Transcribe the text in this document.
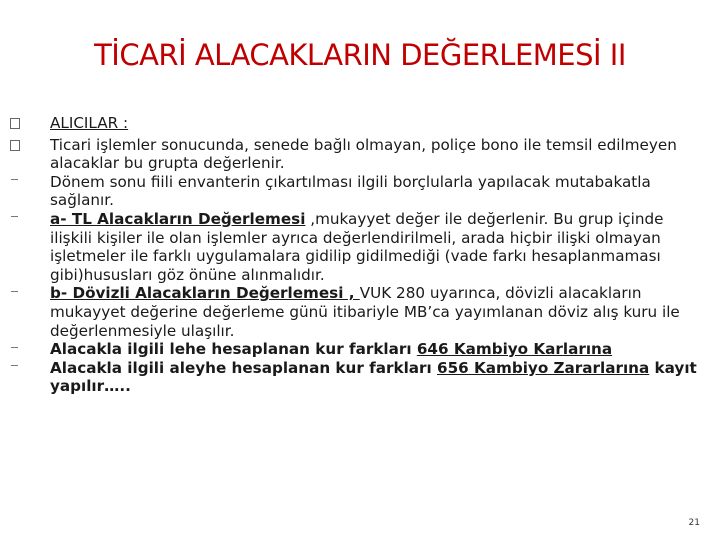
TİCARİ ALACAKLARIN DEĞERLEMESİ II
ALICILAR :
Ticari işlemler sonucunda, senede bağlı olmayan, poliçe bono ile temsil edilmeyen alacaklar bu grupta değerlenir.
Dönem sonu fiili envanterin çıkartılması ilgili borçlularla yapılacak mutabakatla sağlanır.
a- TL Alacakların Değerlemesi ,mukayyet değer ile değerlenir. Bu grup içinde ilişkili kişiler ile olan işlemler ayrıca değerlendirilmeli, arada hiçbir ilişki olmayan işletmeler ile farklı uygulamalara gidilip gidilmediği (vade farkı hesaplanmaması gibi)hususları göz önüne alınmalıdır.
b- Dövizli Alacakların Değerlemesi , VUK 280 uyarınca, dövizli alacakların mukayyet değerine değerleme günü itibariyle MB’ca yayımlanan döviz alış kuru ile değerlenmesiyle ulaşılır.
Alacakla ilgili lehe hesaplanan kur farkları 646 Kambiyo Karlarına
Alacakla ilgili aleyhe hesaplanan kur farkları 656 Kambiyo Zararlarına kayıt yapılır…..
21
